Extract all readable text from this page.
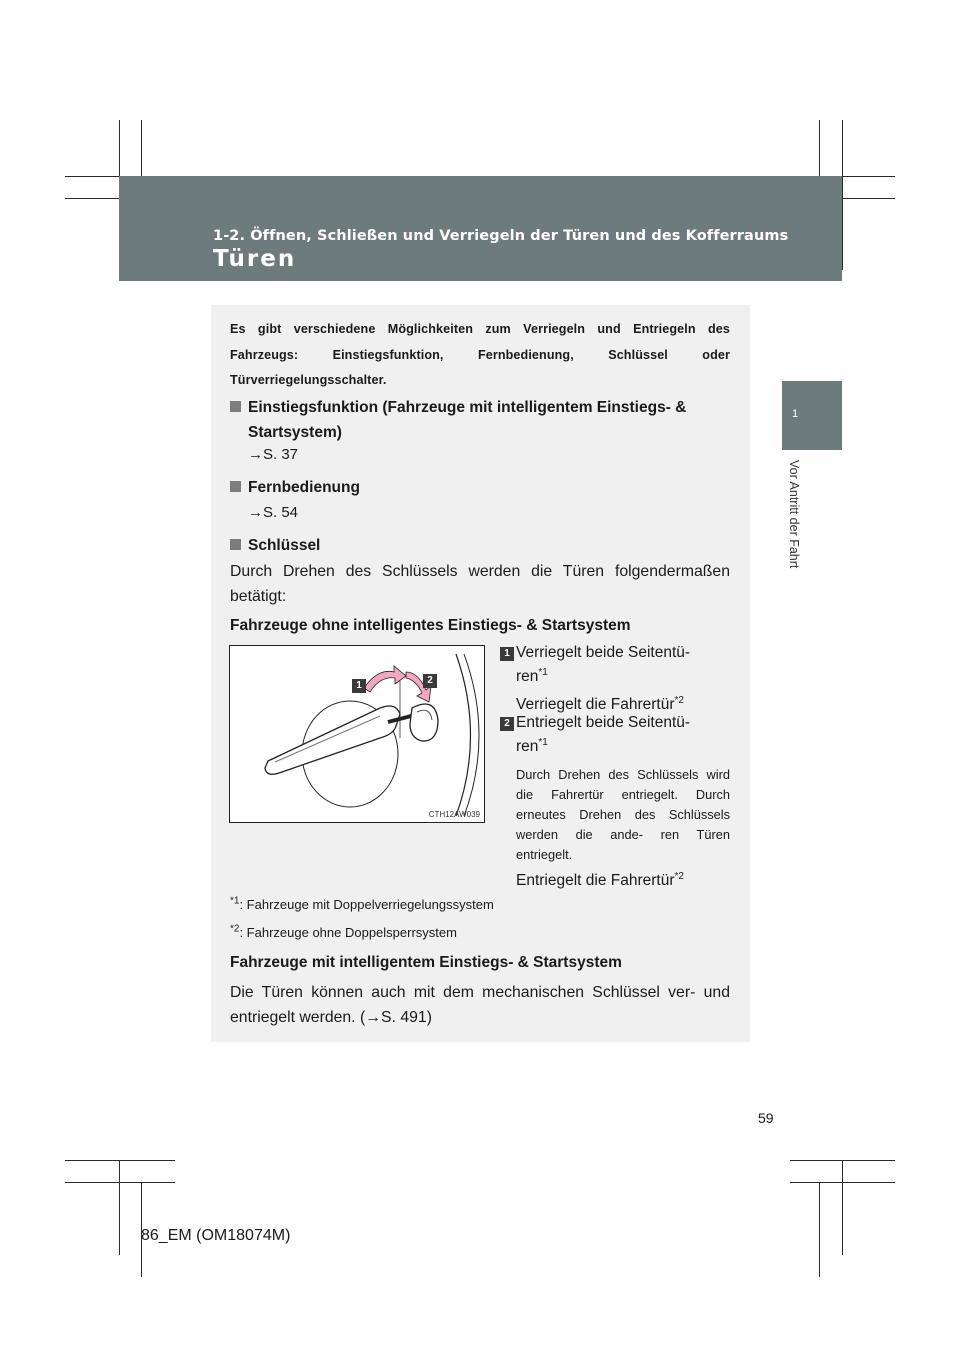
1-2. Öffnen, Schließen und Verriegeln der Türen und des Kofferraums
Türen
1
Vor Antritt der Fahrt
Es gibt verschiedene Möglichkeiten zum Verriegeln und Entriegeln des Fahrzeugs: Einstiegsfunktion, Fernbedienung, Schlüssel oder Türverriegelungsschalter.
Einstiegsfunktion (Fahrzeuge mit intelligentem Einstiegs- & Startsystem)
→S. 37
Fernbedienung
→S. 54
Schlüssel
Durch Drehen des Schlüssels werden die Türen folgendermaßen betätigt:
Fahrzeuge ohne intelligentes Einstiegs- & Startsystem
1	2
CTH12AW039
1 Verriegelt beide Seitentü-
ren$^{*1}$
Verriegelt die Fahrertür$^{*2}$
2 Entriegelt beide Seitentü-
ren$^{*1}$
Durch Drehen des Schlüssels wird die Fahrertür entriegelt. Durch erneutes Drehen des Schlüssels werden die ande- ren Türen entriegelt.
Entriegelt die Fahrertür$^{*2}$
$^{*1}$: Fahrzeuge mit Doppelverriegelungssystem
$^{*2}$: Fahrzeuge ohne Doppelsperrsystem
Fahrzeuge mit intelligentem Einstiegs- & Startsystem
Die Türen können auch mit dem mechanischen Schlüssel ver- und entriegelt werden. (→S. 491)
59
86_EM (OM18074M)
